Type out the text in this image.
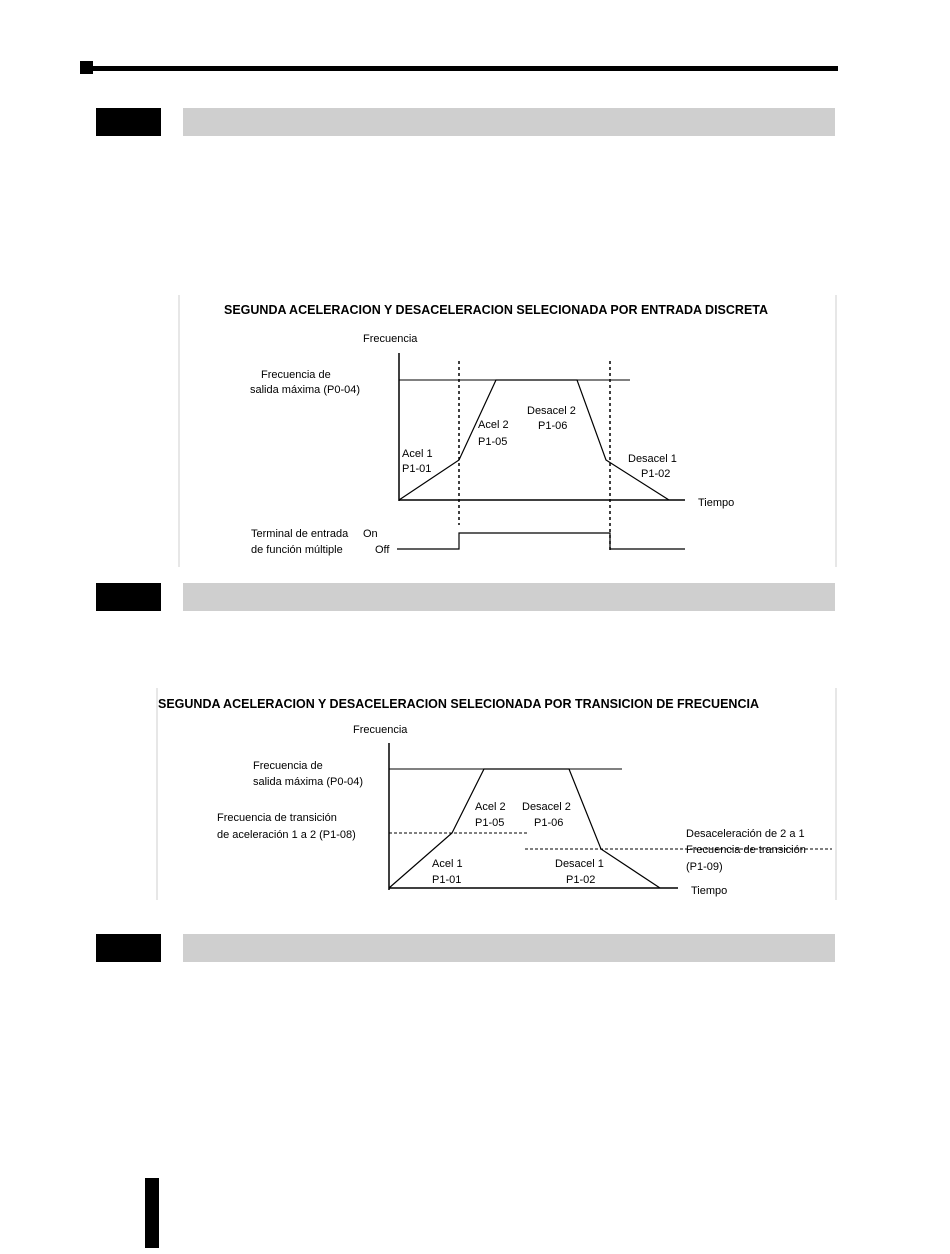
SEGUNDA ACELERACION Y DESACELERACION SELECIONADA POR ENTRADA DISCRETA
Frecuencia
Frecuencia de
salida máxima (P0-04)
Acel 1
P1-01
Acel 2
P1-05
Desacel 2
P1-06
Desacel 1
P1-02
Tiempo
Terminal de entrada On
de función múltiple	Off
SEGUNDA ACELERACION Y DESACELERACION SELECIONADA POR TRANSICION DE FRECUENCIA
Frecuencia
Frecuencia de
salida máxima (P0-04)
Frecuencia de transición
de aceleración 1 a 2 (P1-08)
Acel 2
P1-05
Desacel 2
P1-06
Acel 1
P1-01
Desacel 1
P1-02
Desaceleración de 2 a 1
Frecuencia de transición
(P1-09)
Tiempo
